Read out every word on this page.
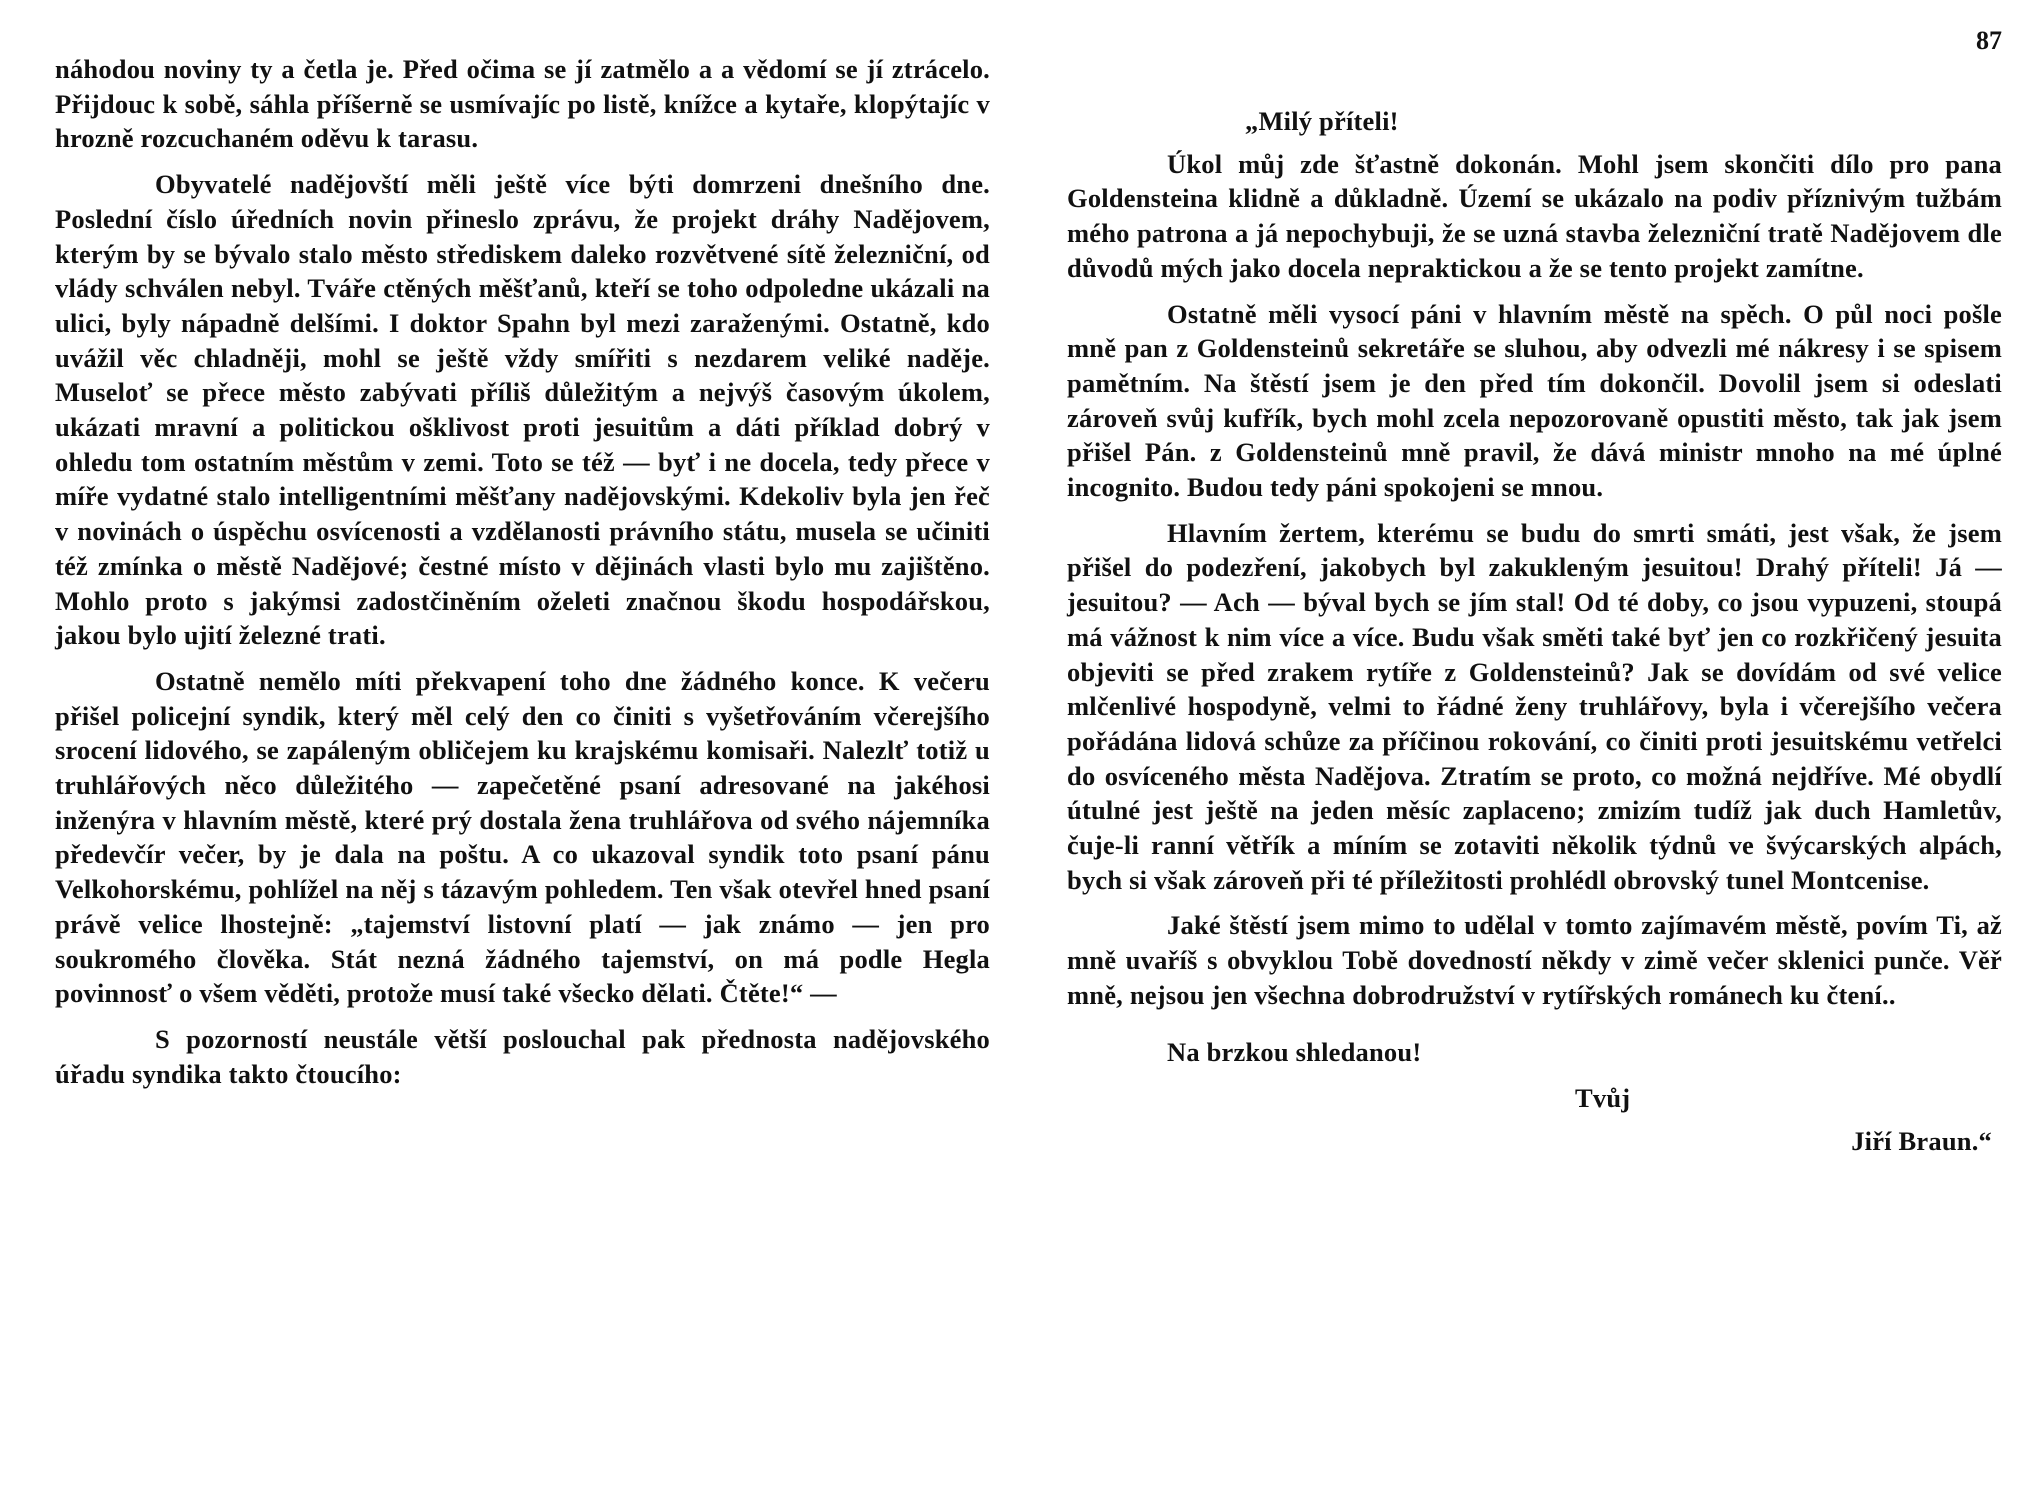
náhodou noviny ty a četla je. Před očima se jí zatmělo a a vědomí se jí ztrácelo. Přijdouc k sobě, sáhla příšerně se usmívajíc po listě, knížce a kytaře, klopýtajíc v hrozně rozcuchaném oděvu k tarasu.

Obyvatelé nadějovští měli ještě více býti domrzeni dnešního dne. Poslední číslo úředních novin přineslo zprávu, že projekt dráhy Nadějovem, kterým by se bývalo stalo město střediskem daleko rozvětvené sítě železniční, od vlády schválen nebyl. Tváře ctěných měšťanů, kteří se toho odpoledne ukázali na ulici, byly nápadně delšími. I doktor Spahn byl mezi zaraženými. Ostatně, kdo uvážil věc chladněji, mohl se ještě vždy smířiti s nezdarem veliké naděje. Museloť se přece město zabývati příliš důležitým a nejvýš časovým úkolem, ukázati mravní a politickou ošklivost proti jesuitům a dáti příklad dobrý v ohledu tom ostatním městům v zemi. Toto se též — byť i ne docela, tedy přece v míře vydatné stalo intelligentními měšťany nadějovskými. Kdekoliv byla jen řeč v novinách o úspěchu osvícenosti a vzdělanosti právního státu, musela se učiniti též zmínka o městě Nadějové; čestné místo v dějinách vlasti bylo mu zajištěno. Mohlo proto s jakýmsi zadostčiněním oželeti značnou škodu hospodářskou, jakou bylo ujití železné trati.

Ostatně nemělo míti překvapení toho dne žádného konce. K večeru přišel policejní syndik, který měl celý den co činiti s vyšetřováním včerejšího srocení lidového, se zapáleným obličejem ku krajskému komisaři. Nalezlť totiž u truhlářových něco důležitého — zapečetěné psaní adresované na jakéhosi inženýra v hlavním městě, které prý dostala žena truhlářova od svého nájemníka předevčír večer, by je dala na poštu. A co ukazoval syndik toto psaní pánu Velkohorskému, pohlížel na něj s tázavým pohledem. Ten však otevřel hned psaní právě velice lhostejně: „tajemství listovní platí — jak známo — jen pro soukromého člověka. Stát nezná žádného tajemství, on má podle Hegla povinnosť o všem věděti, protože musí také všecko dělati. Čtěte!“ —

S pozorností neustále větší poslouchal pak přednosta nadějovského úřadu syndika takto čtoucího:

87
„Milý příteli!

Úkol můj zde šťastně dokonán. Mohl jsem skončiti dílo pro pana Goldensteina klidně a důkladně. Území se ukázalo na podiv příznivým tužbám mého patrona a já nepochybuji, že se uzná stavba železniční tratě Nadějovem dle důvodů mých jako docela nepraktickou a že se tento projekt zamítne.

Ostatně měli vysocí páni v hlavním městě na spěch. O půl noci pošle mně pan z Goldensteinů sekretáře se sluhou, aby odvezli mé nákresy i se spisem pamětním. Na štěstí jsem je den před tím dokončil. Dovolil jsem si odeslati zároveň svůj kufřík, bych mohl zcela nepozorovaně opustiti město, tak jak jsem přišel Pán. z Goldensteinů mně pravil, že dává ministr mnoho na mé úplné incognito. Budou tedy páni spokojeni se mnou.

Hlavním žertem, kterému se budu do smrti smáti, jest však, že jsem přišel do podezření, jakobych byl zakukleným jesuitou! Drahý příteli! Já — jesuitou? — Ach — býval bych se jím stal! Od té doby, co jsou vypuzeni, stoupá má vážnost k nim více a více. Budu však směti také byť jen co rozkřičený jesuita objeviti se před zrakem rytíře z Goldensteinů? Jak se dovídám od své velice mlčenlivé hospodyně, velmi to řádné ženy truhlářovy, byla i včerejšího večera pořádána lidová schůze za příčinou rokování, co činiti proti jesuitskému vetřelci do osvíceného města Nadějova. Ztratím se proto, co možná nejdříve. Mé obydlí útulné jest ještě na jeden měsíc zaplaceno; zmizím tudíž jak duch Hamletův, čuje-li ranní větřík a míním se zotaviti několik týdnů ve švýcarských alpách, bych si však zároveň při té příležitosti prohlédl obrovský tunel Montcenise.

Jaké štěstí jsem mimo to udělal v tomto zajímavém městě, povím Ti, až mně uvaříš s obvyklou Tobě dovedností někdy v zimě večer sklenici punče. Věř mně, nejsou jen všechna dobrodružství v rytířských románech ku čtení..

Na brzkou shledanou!
Tvůj
Jiří Braun.“
